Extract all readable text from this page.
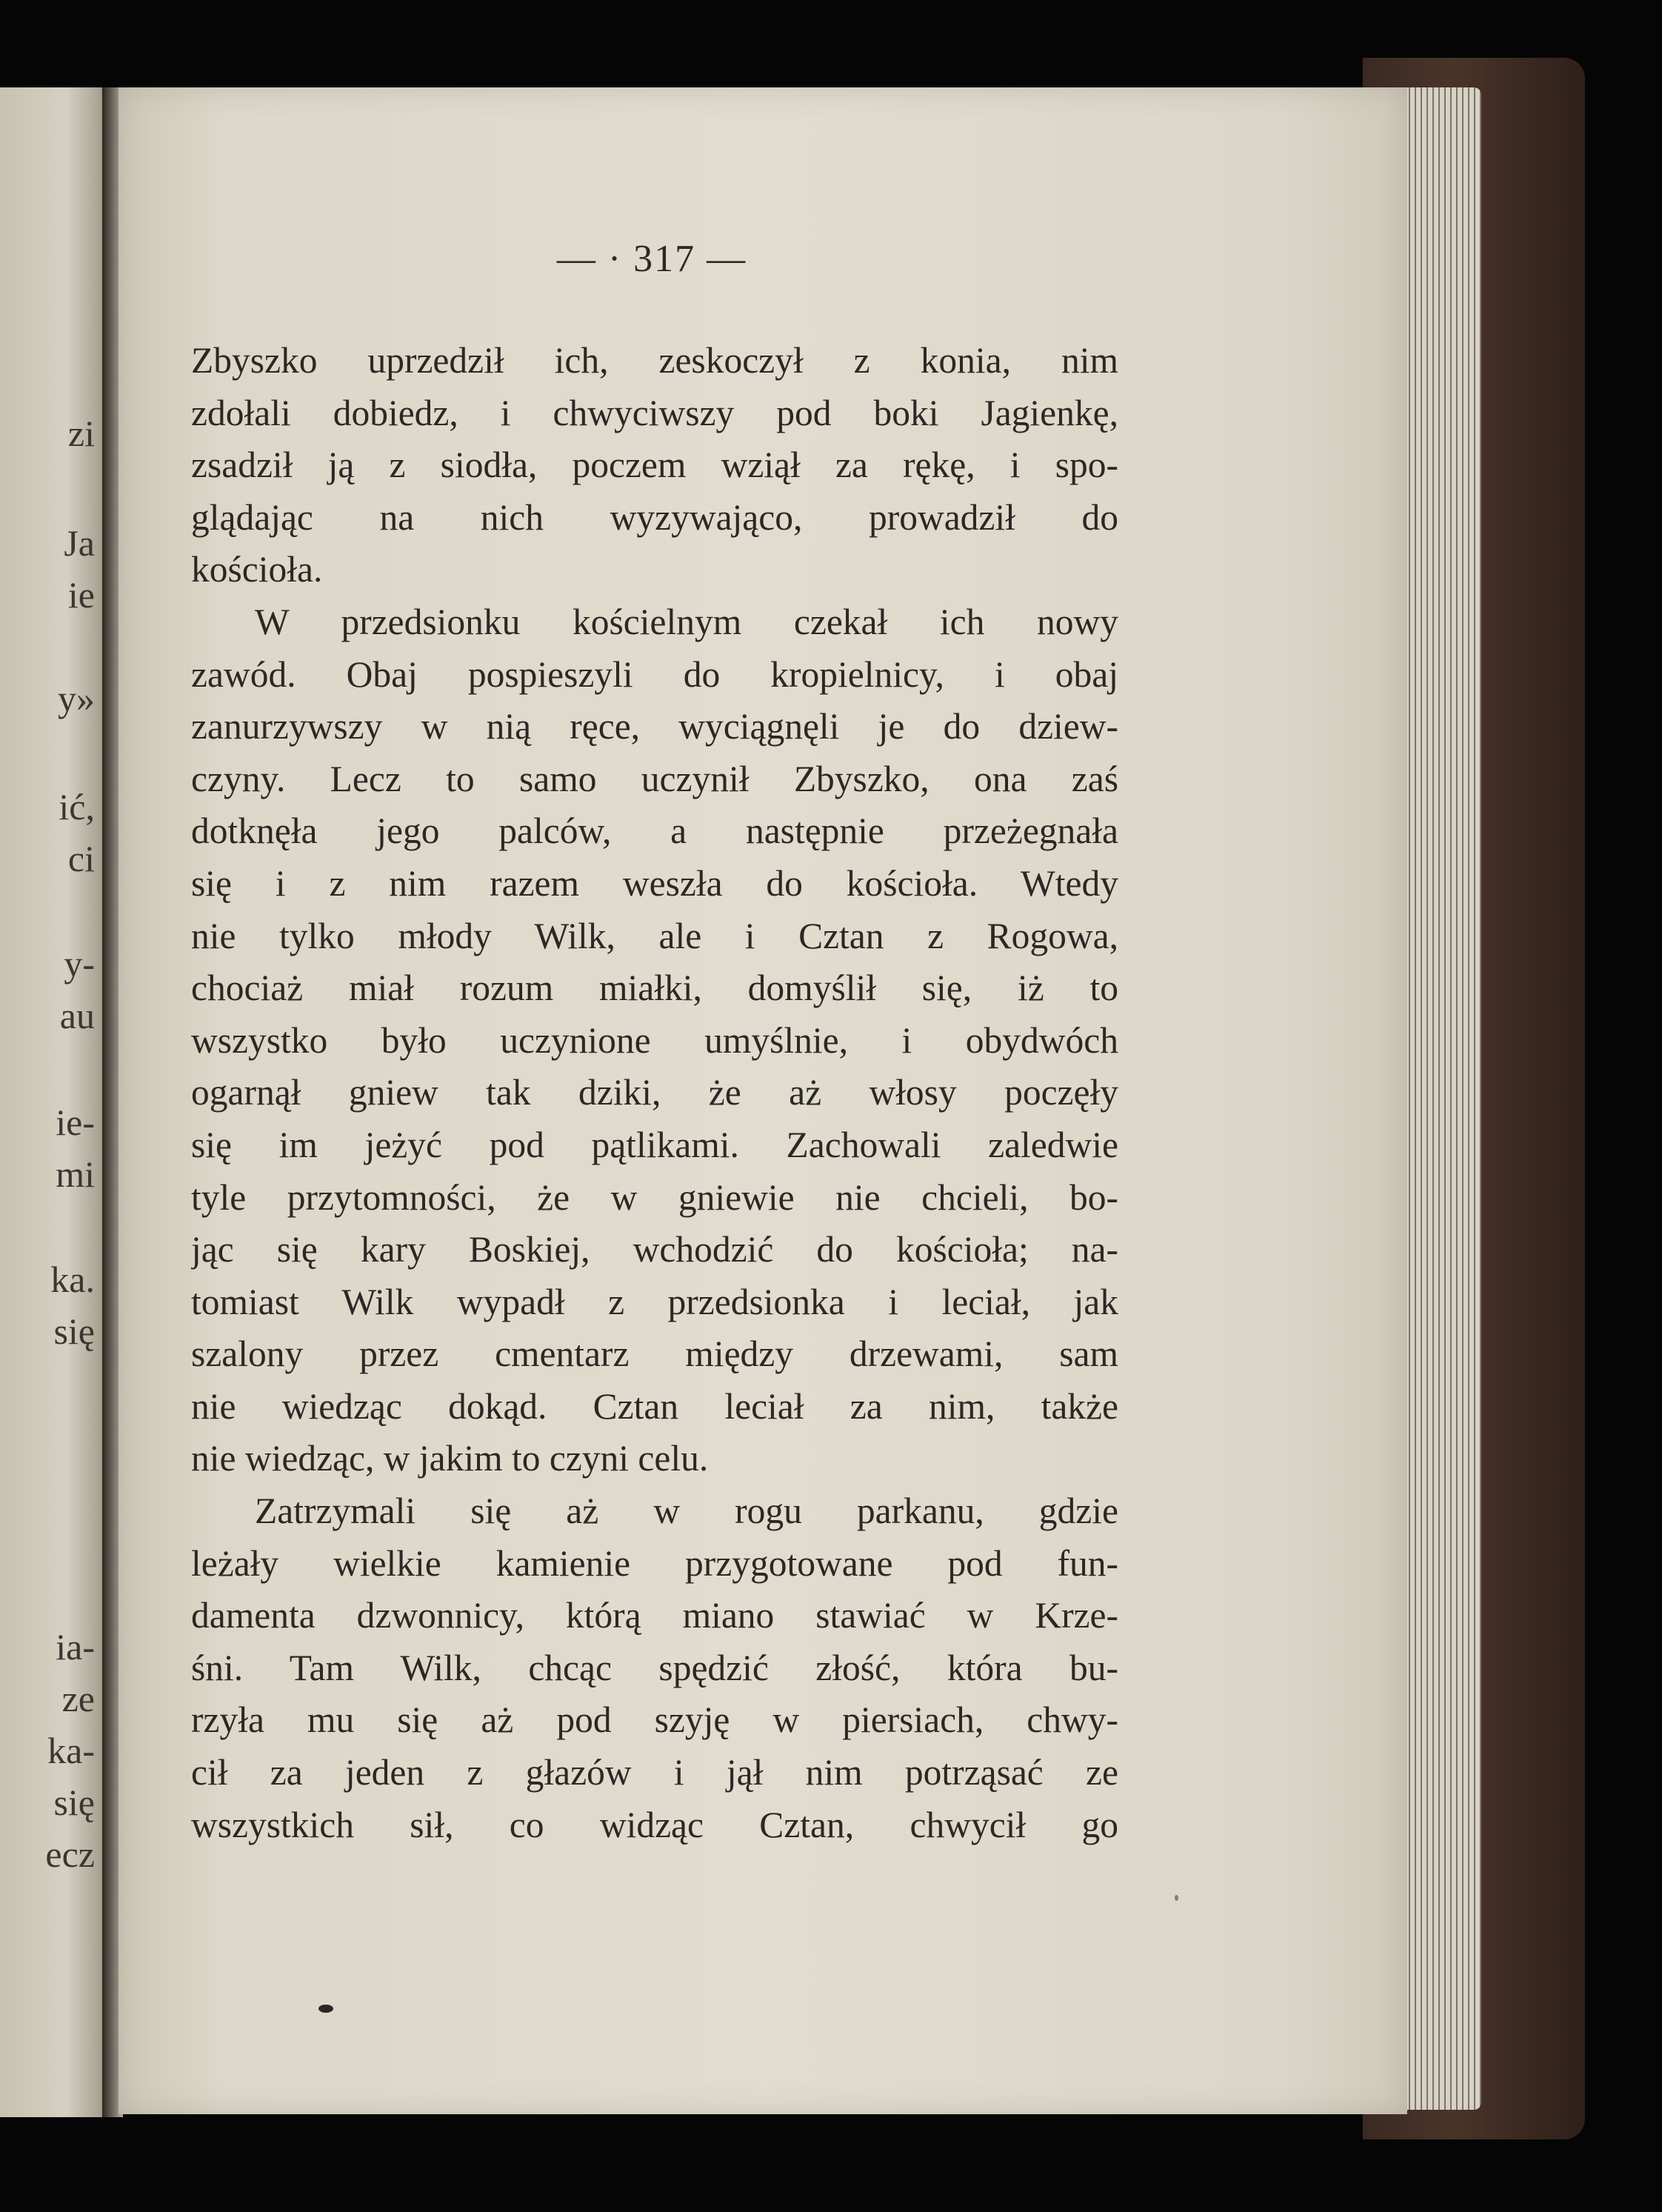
zi
Ja
ie
y»
ić,
ci
y-
au
ie-
mi
ka.
się
ia-
ze
ka-
się
ecz
— · 317 —
Zbyszko uprzedził ich, zeskoczył z konia, nim
zdołali dobiedz, i chwyciwszy pod boki Jagienkę,
zsadził ją z siodła, poczem wziął za rękę, i spo-
glądając na nich wyzywająco, prowadził do
kościoła.
W przedsionku kościelnym czekał ich nowy
zawód. Obaj pospieszyli do kropielnicy, i obaj
zanurzywszy w nią ręce, wyciągnęli je do dziew-
czyny. Lecz to samo uczynił Zbyszko, ona zaś
dotknęła jego palców, a następnie przeżegnała
się i z nim razem weszła do kościoła. Wtedy
nie tylko młody Wilk, ale i Cztan z Rogowa,
chociaż miał rozum miałki, domyślił się, iż to
wszystko było uczynione umyślnie, i obydwóch
ogarnął gniew tak dziki, że aż włosy poczęły
się im jeżyć pod pątlikami. Zachowali zaledwie
tyle przytomności, że w gniewie nie chcieli, bo-
jąc się kary Boskiej, wchodzić do kościoła; na-
tomiast Wilk wypadł z przedsionka i leciał, jak
szalony przez cmentarz między drzewami, sam
nie wiedząc dokąd. Cztan leciał za nim, także
nie wiedząc, w jakim to czyni celu.
Zatrzymali się aż w rogu parkanu, gdzie
leżały wielkie kamienie przygotowane pod fun-
damenta dzwonnicy, którą miano stawiać w Krze-
śni. Tam Wilk, chcąc spędzić złość, która bu-
rzyła mu się aż pod szyję w piersiach, chwy-
cił za jeden z głazów i jął nim potrząsać ze
wszystkich sił, co widząc Cztan, chwycił go
